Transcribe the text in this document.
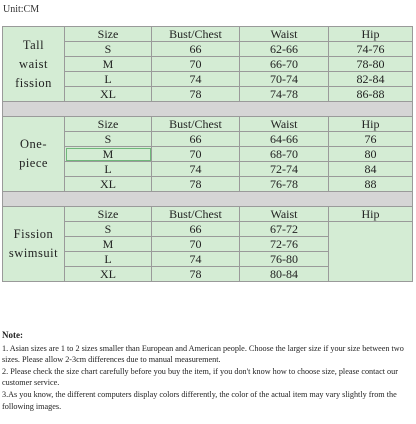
Unit:CM
Tall
waist
fission	Size	Bust/Chest	Waist	Hip
	S	66	62-66	74-76
	M	70	66-70	78-80
	L	74	70-74	82-84
	XL	78	74-78	86-88

One-
piece	Size	Bust/Chest	Waist	Hip
	S	66	64-66	76
	M	70	68-70	80
	L	74	72-74	84
	XL	78	76-78	88

Fission
swimsuit	Size	Bust/Chest	Waist	Hip
	S	66	67-72	
	M	70	72-76	
	L	74	76-80	
	XL	78	80-84	
Note:

1. Asian sizes are 1 to 2 sizes smaller than European and American people. Choose the larger size if your size between two sizes. Please allow 2-3cm differences due to manual measurement.

2. Please check the size chart carefully before you buy the item, if you don't know how to choose size, please contact our customer service.

3.As you know, the different computers display colors differently, the color of the actual item may vary slightly from the following images.
